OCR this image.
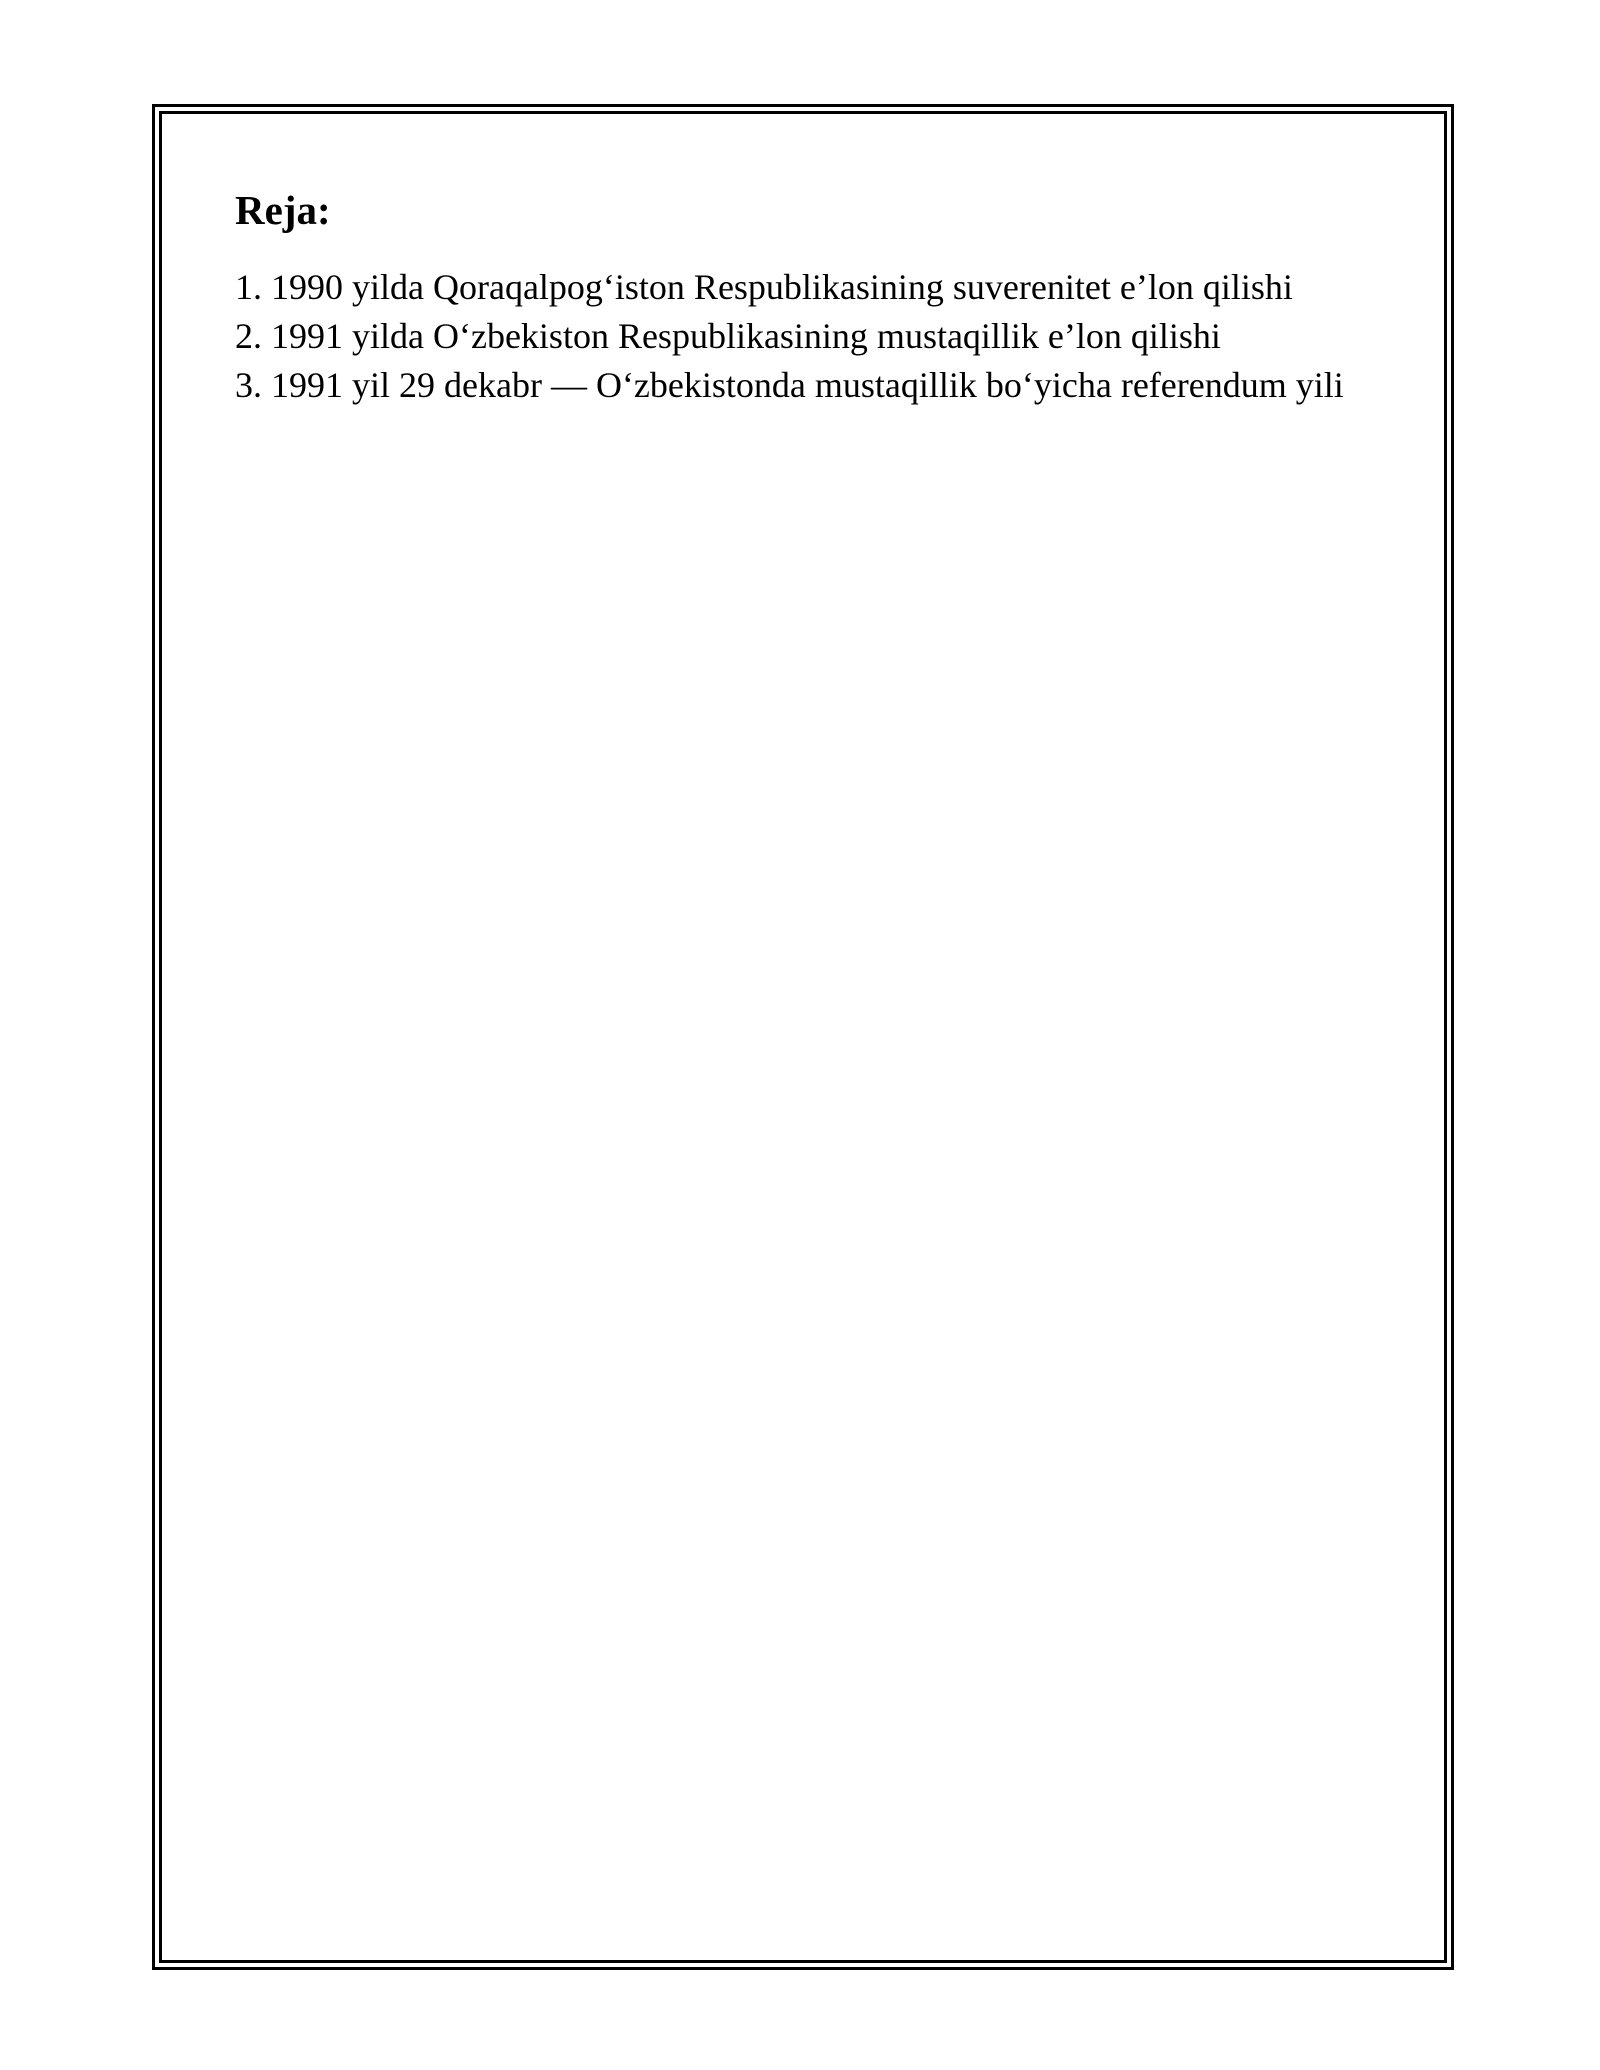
Reja:
1. 1990 yilda Qoraqalpog‘iston Respublikasining suverenitet e’lon qilishi
2. 1991 yilda O‘zbekiston Respublikasining mustaqillik e’lon qilishi
3. 1991 yil 29 dekabr — O‘zbekistonda mustaqillik bo‘yicha referendum yili
